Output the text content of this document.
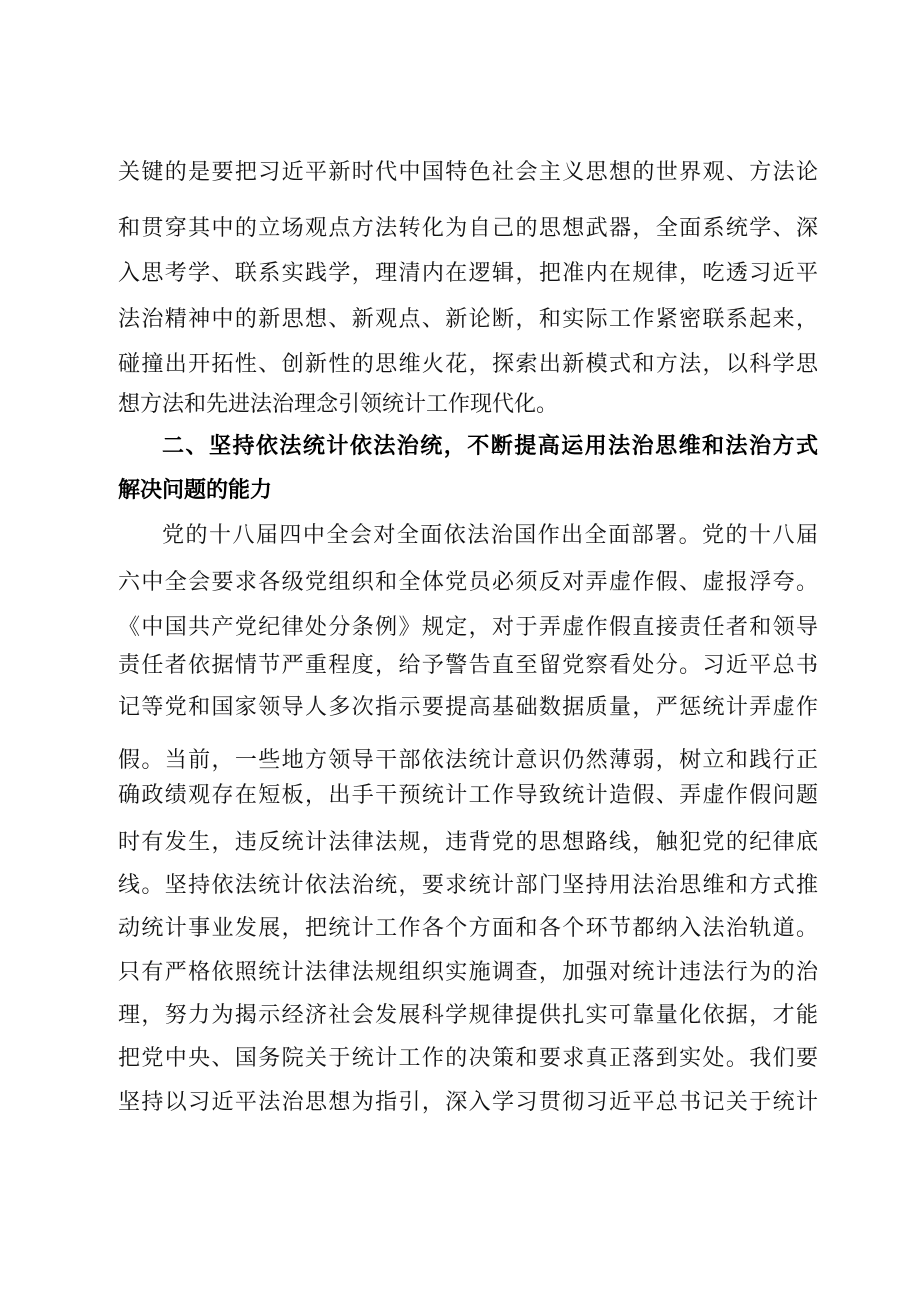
关键的是要把习近平新时代中国特色社会主义思想的世界观、方法论
和贯穿其中的立场观点方法转化为自己的思想武器，全面系统学、深
入思考学、联系实践学，理清内在逻辑，把准内在规律，吃透习近平
法治精神中的新思想、新观点、新论断，和实际工作紧密联系起来，
碰撞出开拓性、创新性的思维火花，探索出新模式和方法，以科学思
想方法和先进法治理念引领统计工作现代化。
二、坚持依法统计依法治统，不断提高运用法治思维和法治方式
解决问题的能力
党的十八届四中全会对全面依法治国作出全面部署。党的十八届
六中全会要求各级党组织和全体党员必须反对弄虚作假、虚报浮夸。
《中国共产党纪律处分条例》规定，对于弄虚作假直接责任者和领导
责任者依据情节严重程度，给予警告直至留党察看处分。习近平总书
记等党和国家领导人多次指示要提高基础数据质量，严惩统计弄虚作
假。当前，一些地方领导干部依法统计意识仍然薄弱，树立和践行正
确政绩观存在短板，出手干预统计工作导致统计造假、弄虚作假问题
时有发生，违反统计法律法规，违背党的思想路线，触犯党的纪律底
线。坚持依法统计依法治统，要求统计部门坚持用法治思维和方式推
动统计事业发展，把统计工作各个方面和各个环节都纳入法治轨道。
只有严格依照统计法律法规组织实施调查，加强对统计违法行为的治
理，努力为揭示经济社会发展科学规律提供扎实可靠量化依据，才能
把党中央、国务院关于统计工作的决策和要求真正落到实处。我们要
坚持以习近平法治思想为指引，深入学习贯彻习近平总书记关于统计
